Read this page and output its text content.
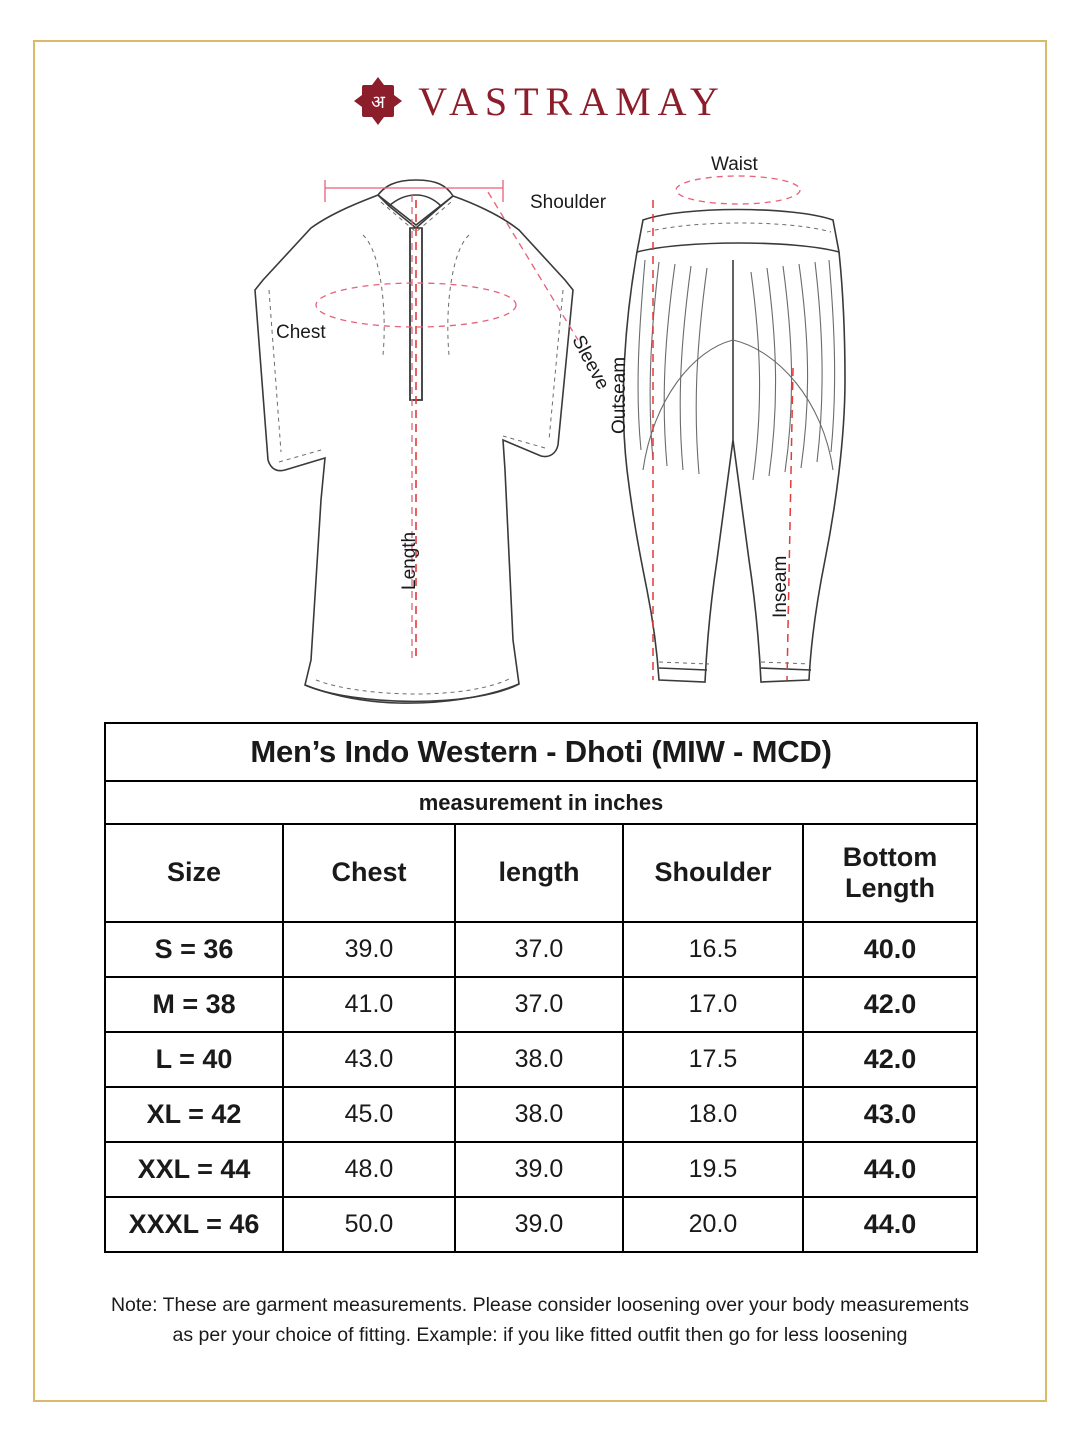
अ VASTRAMAY
Shoulder
Chest	Sleeve
Length
Waist
Outseam
Inseam
Men’s Indo Western - Dhoti (MIW - MCD)				
measurement in inches				
Size	Chest	length	Shoulder	Bottom
Length

S = 36	39.0	37.0	16.5	40.0
M = 38	41.0	37.0	17.0	42.0
L = 40	43.0	38.0	17.5	42.0
XL = 42	45.0	38.0	18.0	43.0
XXL = 44	48.0	39.0	19.5	44.0
XXXL = 46	50.0	39.0	20.0	44.0
Note: These are garment measurements. Please consider loosening over your body measurements
as per your choice of fitting. Example: if you like fitted outfit then go for less loosening
